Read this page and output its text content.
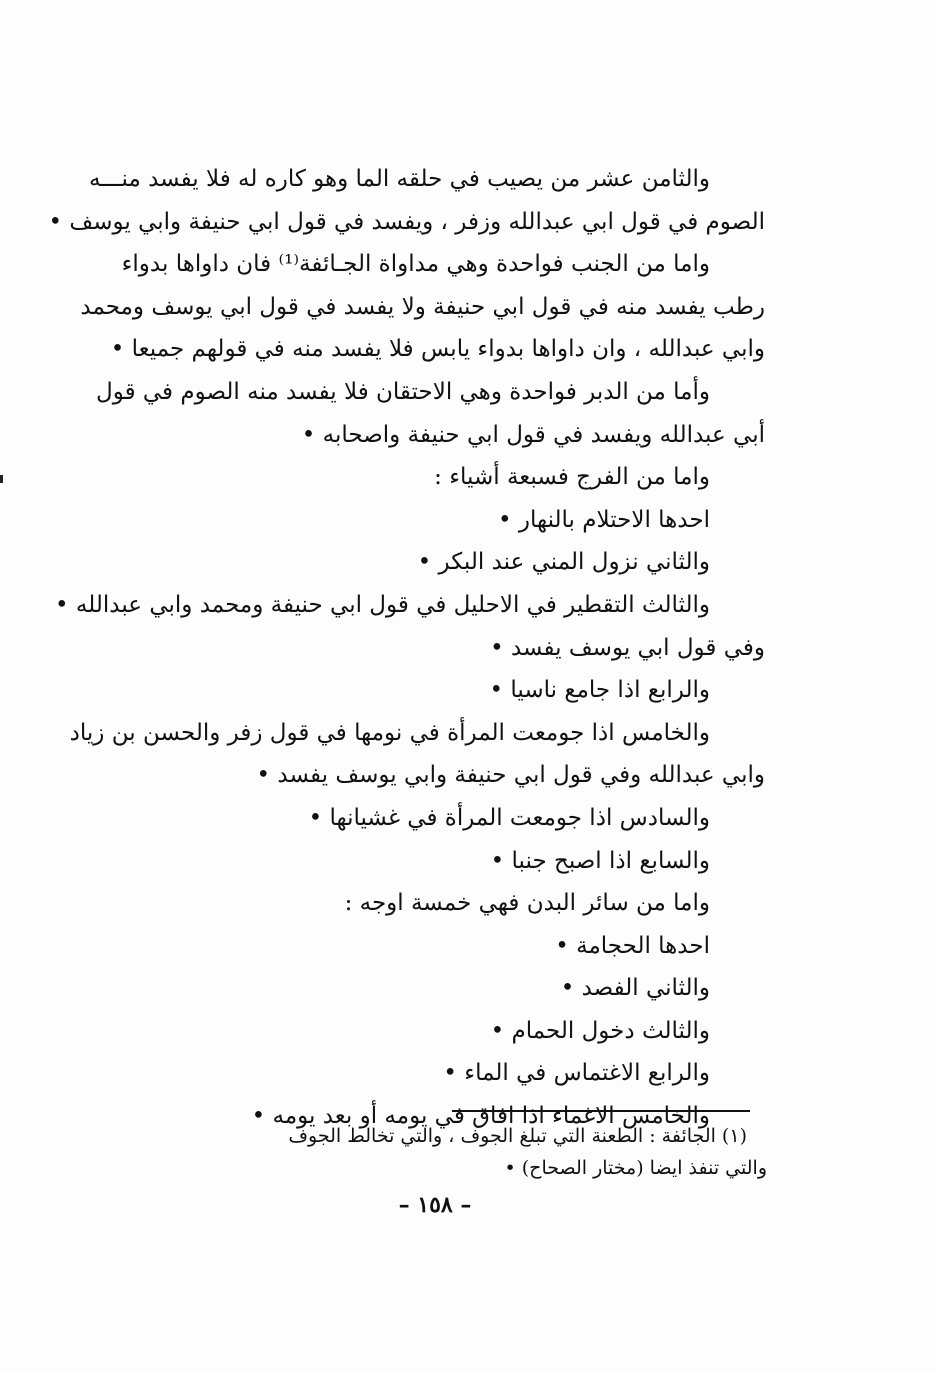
والثامن عشر من يصيب في حلقه الما وهو كاره له فلا يفسد منـــه
الصوم في قول ابي عبدالله وزفر ، ويفسد في قول ابي حنيفة وابي يوسف •
واما من الجنب فواحدة وهي مداواة الجـائفة⁽¹⁾ فان داواها بدواء
رطب يفسد منه في قول ابي حنيفة ولا يفسد في قول ابي يوسف ومحمد
وابي عبدالله ، وان داواها بدواء يابس فلا يفسد منه في قولهم جميعا •
وأما من الدبر فواحدة وهي الاحتقان فلا يفسد منه الصوم في قول
أبي عبدالله ويفسد في قول ابي حنيفة واصحابه •
واما من الفرج فسبعة أشياء :
احدها الاحتلام بالنهار •
والثاني نزول المني عند البكر •
والثالث التقطير في الاحليل في قول ابي حنيفة ومحمد وابي عبدالله •
وفي قول ابي يوسف يفسد •
والرابع اذا جامع ناسيا •
والخامس اذا جومعت المرأة في نومها في قول زفر والحسن بن زياد
وابي عبدالله وفي قول ابي حنيفة وابي يوسف يفسد •
والسادس اذا جومعت المرأة في غشيانها •
والسابع اذا اصبح جنبا •
واما من سائر البدن فهي خمسة اوجه :
احدها الحجامة •
والثاني الفصد •
والثالث دخول الحمام •
والرابع الاغتماس في الماء •
والخامس الاغماء اذا افاق في يومه أو بعد يومه •
(١) الجائفة : الطعنة التي تبلغ الجوف ، والتي تخالط الجوف
والتي تنفذ ايضا (مختار الصحاح) •
– ١٥٨ –
